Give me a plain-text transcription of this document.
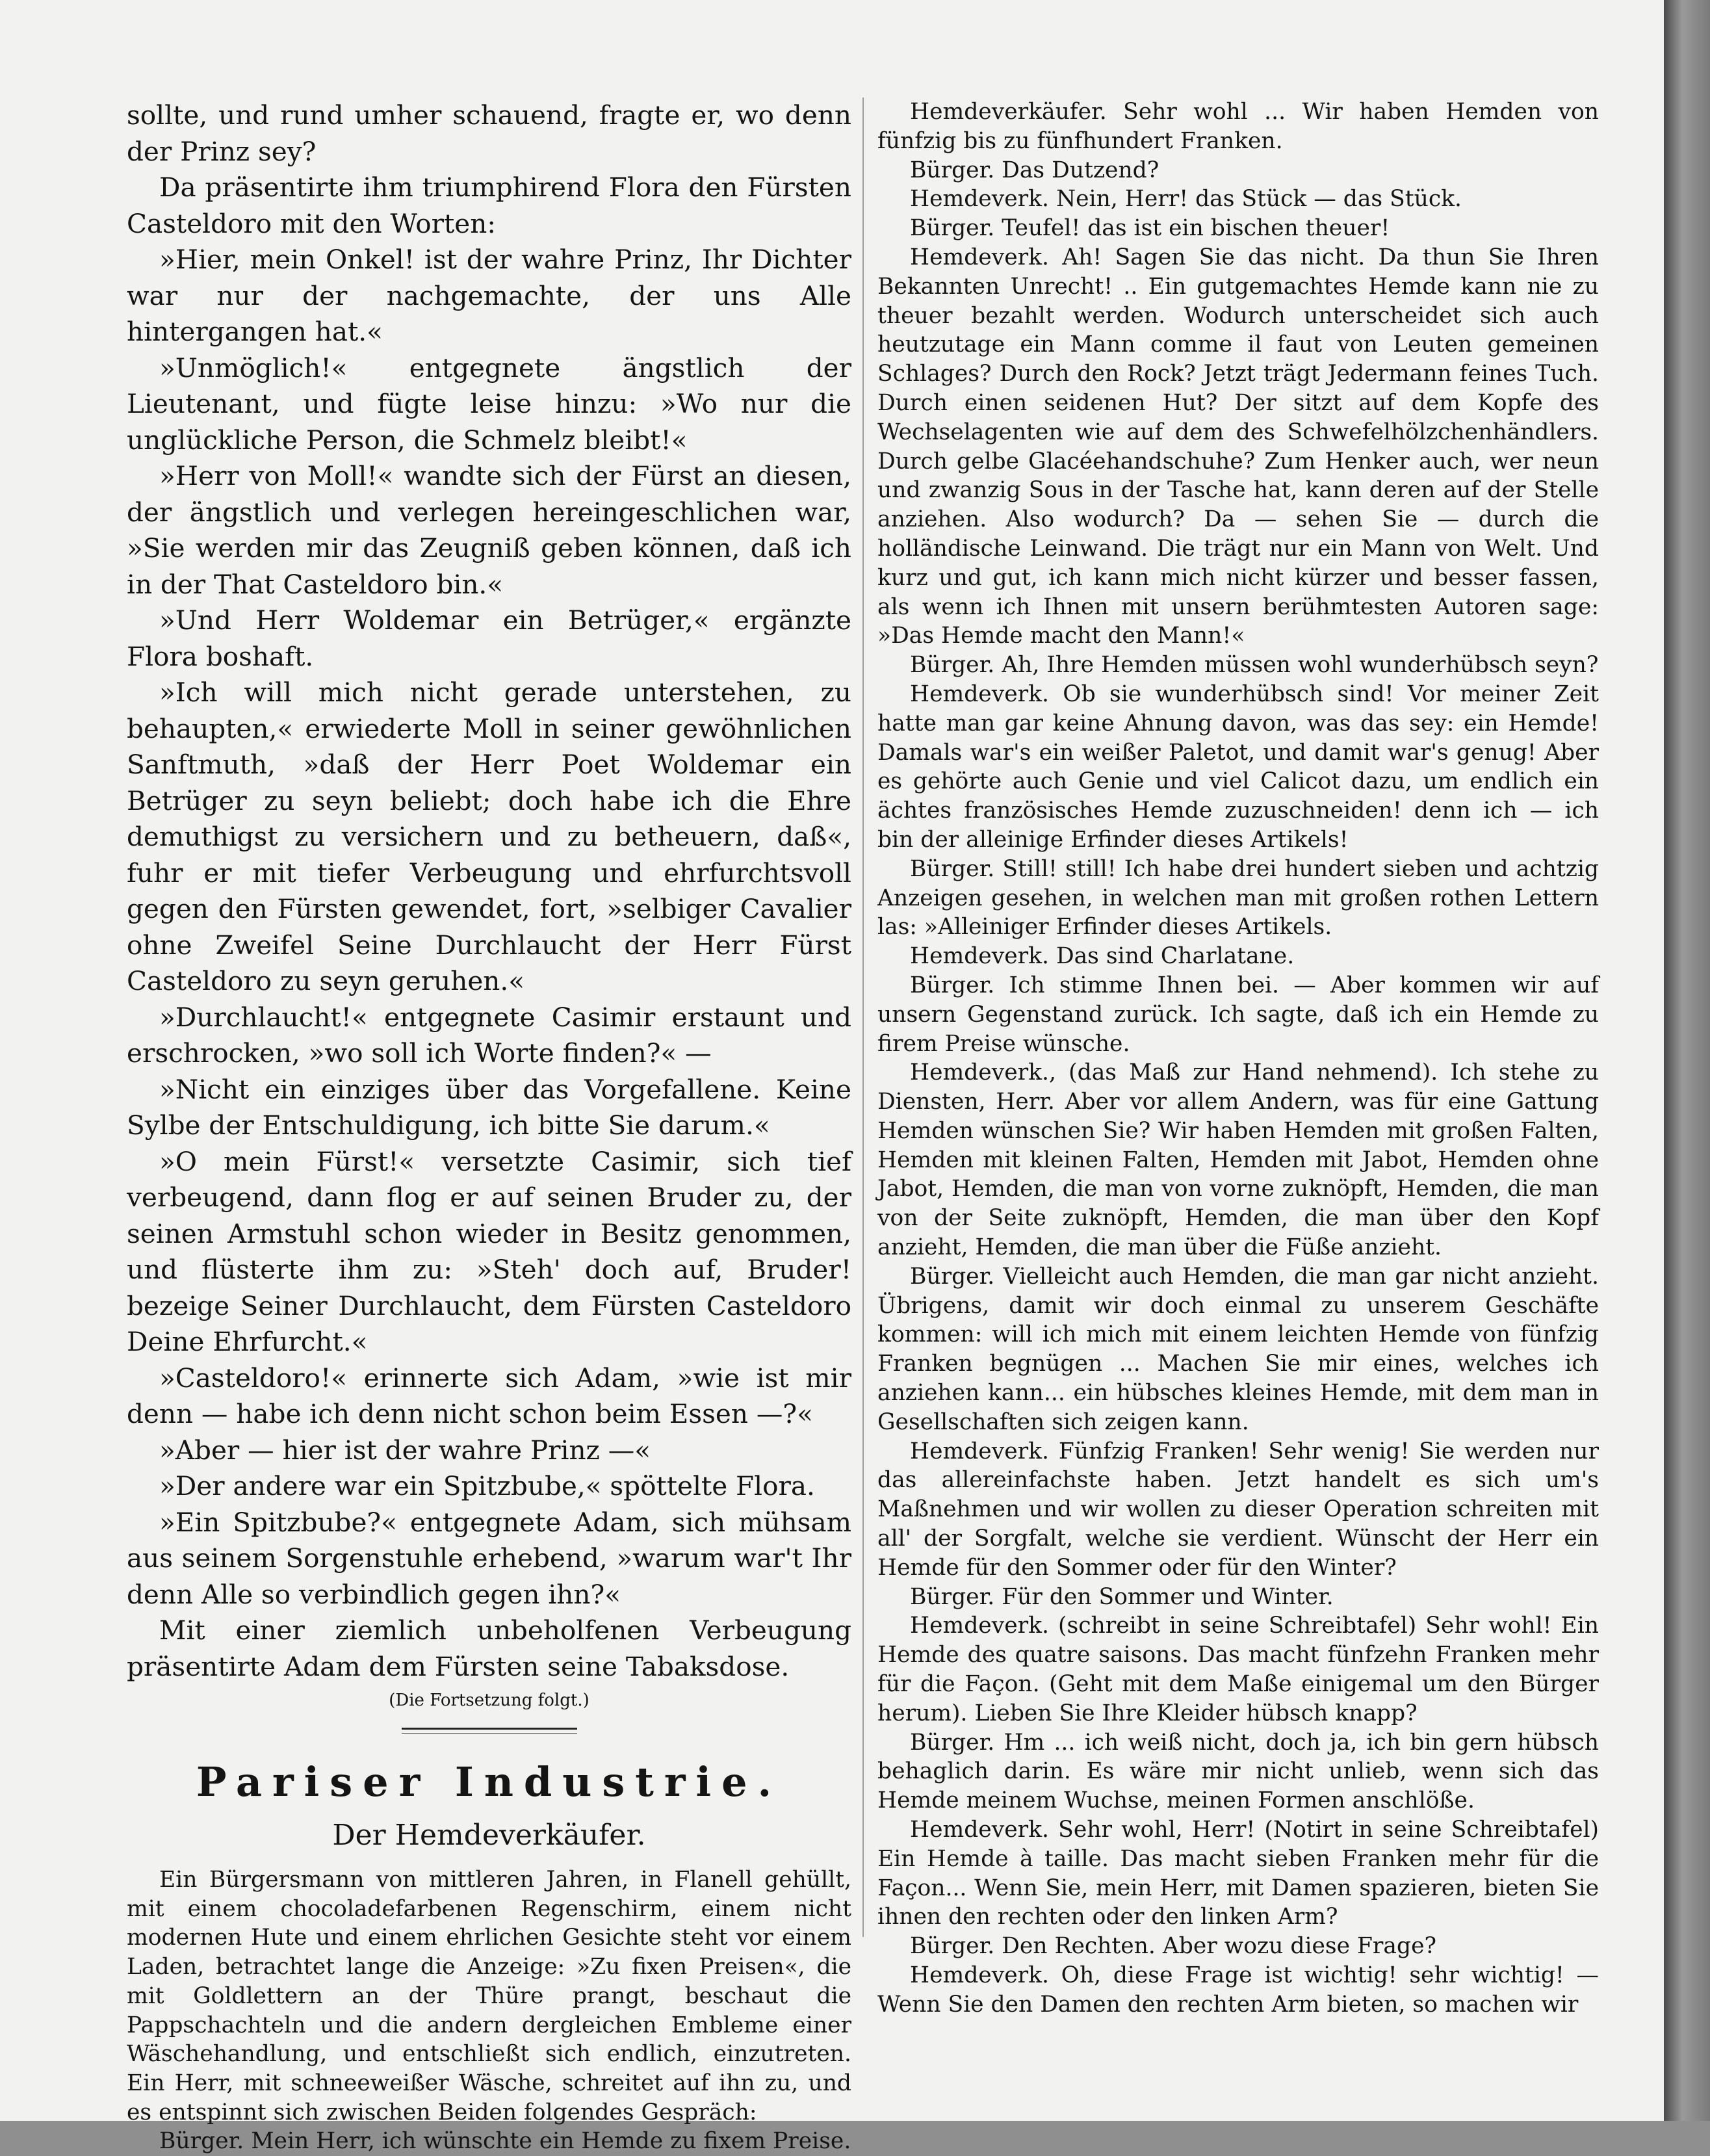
sollte, und rund umher schauend, fragte er, wo denn der Prinz sey?

Da präsentirte ihm triumphirend Flora den Fürsten Casteldoro mit den Worten:

»Hier, mein Onkel! ist der wahre Prinz, Ihr Dichter war nur der nachgemachte, der uns Alle hintergangen hat.«

»Unmöglich!« entgegnete ängstlich der Lieutenant, und fügte leise hinzu: »Wo nur die unglückliche Person, die Schmelz bleibt!«

»Herr von Moll!« wandte sich der Fürst an diesen, der ängstlich und verlegen hereingeschlichen war, »Sie werden mir das Zeugniß geben können, daß ich in der That Casteldoro bin.«

»Und Herr Woldemar ein Betrüger,« ergänzte Flora boshaft.

»Ich will mich nicht gerade unterstehen, zu behaupten,« erwiederte Moll in seiner gewöhnlichen Sanftmuth, »daß der Herr Poet Woldemar ein Betrüger zu seyn beliebt; doch habe ich die Ehre demuthigst zu versichern und zu betheuern, daß«, fuhr er mit tiefer Verbeugung und ehrfurchtsvoll gegen den Fürsten gewendet, fort, »selbiger Cavalier ohne Zweifel Seine Durchlaucht der Herr Fürst Casteldoro zu seyn geruhen.«

»Durchlaucht!« entgegnete Casimir erstaunt und erschrocken, »wo soll ich Worte finden?« —

»Nicht ein einziges über das Vorgefallene. Keine Sylbe der Entschuldigung, ich bitte Sie darum.«

»O mein Fürst!« versetzte Casimir, sich tief verbeugend, dann flog er auf seinen Bruder zu, der seinen Armstuhl schon wieder in Besitz genommen, und flüsterte ihm zu: »Steh' doch auf, Bruder! bezeige Seiner Durchlaucht, dem Fürsten Casteldoro Deine Ehrfurcht.«

»Casteldoro!« erinnerte sich Adam, »wie ist mir denn — habe ich denn nicht schon beim Essen —?«

»Aber — hier ist der wahre Prinz —«

»Der andere war ein Spitzbube,« spöttelte Flora.

»Ein Spitzbube?« entgegnete Adam, sich mühsam aus seinem Sorgenstuhle erhebend, »warum war't Ihr denn Alle so verbindlich gegen ihn?«

Mit einer ziemlich unbeholfenen Verbeugung präsentirte Adam dem Fürsten seine Tabaksdose.

(Die Fortsetzung folgt.)

Pariser Industrie.

Der Hemdeverkäufer.

Ein Bürgersmann von mittleren Jahren, in Flanell gehüllt, mit einem chocoladefarbenen Regenschirm, einem nicht modernen Hute und einem ehrlichen Gesichte steht vor einem Laden, betrachtet lange die Anzeige: »Zu fixen Preisen«, die mit Goldlettern an der Thüre prangt, beschaut die Pappschachteln und die andern dergleichen Embleme einer Wäschehandlung, und entschließt sich endlich, einzutreten. Ein Herr, mit schneeweißer Wäsche, schreitet auf ihn zu, und es entspinnt sich zwischen Beiden folgendes Gespräch:

Bürger. Mein Herr, ich wünschte ein Hemde zu fixem Preise.

Hemdeverkäufer. Sehr wohl ... Wir haben Hemden von fünfzig bis zu fünfhundert Franken.

Bürger. Das Dutzend?

Hemdeverk. Nein, Herr! das Stück — das Stück.

Bürger. Teufel! das ist ein bischen theuer!

Hemdeverk. Ah! Sagen Sie das nicht. Da thun Sie Ihren Bekannten Unrecht! .. Ein gutgemachtes Hemde kann nie zu theuer bezahlt werden. Wodurch unterscheidet sich auch heutzutage ein Mann comme il faut von Leuten gemeinen Schlages? Durch den Rock? Jetzt trägt Jedermann feines Tuch. Durch einen seidenen Hut? Der sitzt auf dem Kopfe des Wechselagenten wie auf dem des Schwefelhölzchenhändlers. Durch gelbe Glacéehandschuhe? Zum Henker auch, wer neun und zwanzig Sous in der Tasche hat, kann deren auf der Stelle anziehen. Also wodurch? Da — sehen Sie — durch die holländische Leinwand. Die trägt nur ein Mann von Welt. Und kurz und gut, ich kann mich nicht kürzer und besser fassen, als wenn ich Ihnen mit unsern berühmtesten Autoren sage: »Das Hemde macht den Mann!«

Bürger. Ah, Ihre Hemden müssen wohl wunderhübsch seyn?

Hemdeverk. Ob sie wunderhübsch sind! Vor meiner Zeit hatte man gar keine Ahnung davon, was das sey: ein Hemde! Damals war's ein weißer Paletot, und damit war's genug! Aber es gehörte auch Genie und viel Calicot dazu, um endlich ein ächtes französisches Hemde zuzuschneiden! denn ich — ich bin der alleinige Erfinder dieses Artikels!

Bürger. Still! still! Ich habe drei hundert sieben und achtzig Anzeigen gesehen, in welchen man mit großen rothen Lettern las: »Alleiniger Erfinder dieses Artikels.

Hemdeverk. Das sind Charlatane.

Bürger. Ich stimme Ihnen bei. — Aber kommen wir auf unsern Gegenstand zurück. Ich sagte, daß ich ein Hemde zu firem Preise wünsche.

Hemdeverk., (das Maß zur Hand nehmend). Ich stehe zu Diensten, Herr. Aber vor allem Andern, was für eine Gattung Hemden wünschen Sie? Wir haben Hemden mit großen Falten, Hemden mit kleinen Falten, Hemden mit Jabot, Hemden ohne Jabot, Hemden, die man von vorne zuknöpft, Hemden, die man von der Seite zuknöpft, Hemden, die man über den Kopf anzieht, Hemden, die man über die Füße anzieht.

Bürger. Vielleicht auch Hemden, die man gar nicht anzieht. Übrigens, damit wir doch einmal zu unserem Geschäfte kommen: will ich mich mit einem leichten Hemde von fünfzig Franken begnügen ... Machen Sie mir eines, welches ich anziehen kann... ein hübsches kleines Hemde, mit dem man in Gesellschaften sich zeigen kann.

Hemdeverk. Fünfzig Franken! Sehr wenig! Sie werden nur das allereinfachste haben. Jetzt handelt es sich um's Maßnehmen und wir wollen zu dieser Operation schreiten mit all' der Sorgfalt, welche sie verdient. Wünscht der Herr ein Hemde für den Sommer oder für den Winter?

Bürger. Für den Sommer und Winter.

Hemdeverk. (schreibt in seine Schreibtafel) Sehr wohl! Ein Hemde des quatre saisons. Das macht fünfzehn Franken mehr für die Façon. (Geht mit dem Maße einigemal um den Bürger herum). Lieben Sie Ihre Kleider hübsch knapp?

Bürger. Hm ... ich weiß nicht, doch ja, ich bin gern hübsch behaglich darin. Es wäre mir nicht unlieb, wenn sich das Hemde meinem Wuchse, meinen Formen anschlöße.

Hemdeverk. Sehr wohl, Herr! (Notirt in seine Schreibtafel) Ein Hemde à taille. Das macht sieben Franken mehr für die Façon... Wenn Sie, mein Herr, mit Damen spazieren, bieten Sie ihnen den rechten oder den linken Arm?

Bürger. Den Rechten. Aber wozu diese Frage?

Hemdeverk. Oh, diese Frage ist wichtig! sehr wichtig! — Wenn Sie den Damen den rechten Arm bieten, so machen wir
